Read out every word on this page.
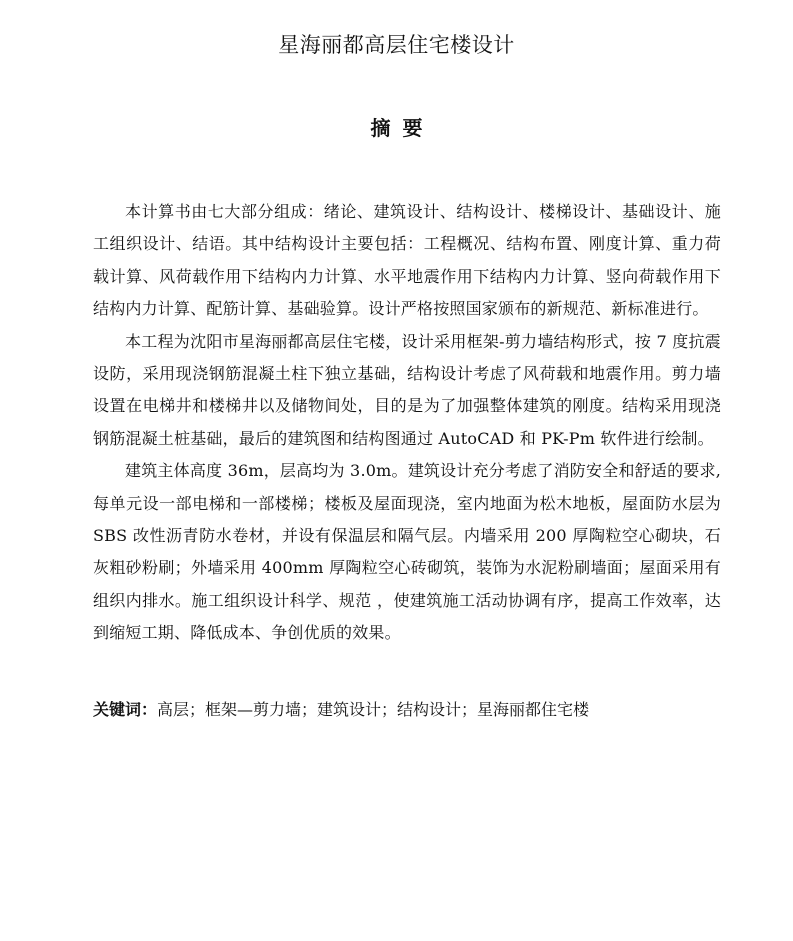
星海丽都高层住宅楼设计
摘要

本计算书由七大部分组成：绪论、建筑设计、结构设计、楼梯设计、基础设计、施工组织设计、结语。其中结构设计主要包括：工程概况、结构布置、刚度计算、重力荷载计算、风荷载作用下结构内力计算、水平地震作用下结构内力计算、竖向荷载作用下结构内力计算、配筋计算、基础验算。设计严格按照国家颁布的新规范、新标准进行。

本工程为沈阳市星海丽都高层住宅楼，设计采用框架-剪力墙结构形式，按 7 度抗震设防，采用现浇钢筋混凝土柱下独立基础，结构设计考虑了风荷载和地震作用。剪力墙设置在电梯井和楼梯井以及储物间处，目的是为了加强整体建筑的刚度。结构采用现浇钢筋混凝土桩基础，最后的建筑图和结构图通过 AutoCAD 和 PK-Pm 软件进行绘制。

建筑主体高度 36m，层高均为 3.0m。建筑设计充分考虑了消防安全和舒适的要求,每单元设一部电梯和一部楼梯；楼板及屋面现浇，室内地面为松木地板，屋面防水层为 SBS 改性沥青防水卷材，并设有保温层和隔气层。内墙采用 200 厚陶粒空心砌块，石灰粗砂粉刷；外墙采用 400mm 厚陶粒空心砖砌筑，装饰为水泥粉刷墙面；屋面采用有组织内排水。施工组织设计科学、规范 ，使建筑施工活动协调有序，提高工作效率，达到缩短工期、降低成本、争创优质的效果。

关键词：高层；框架—剪力墙；建筑设计；结构设计；星海丽都住宅楼
